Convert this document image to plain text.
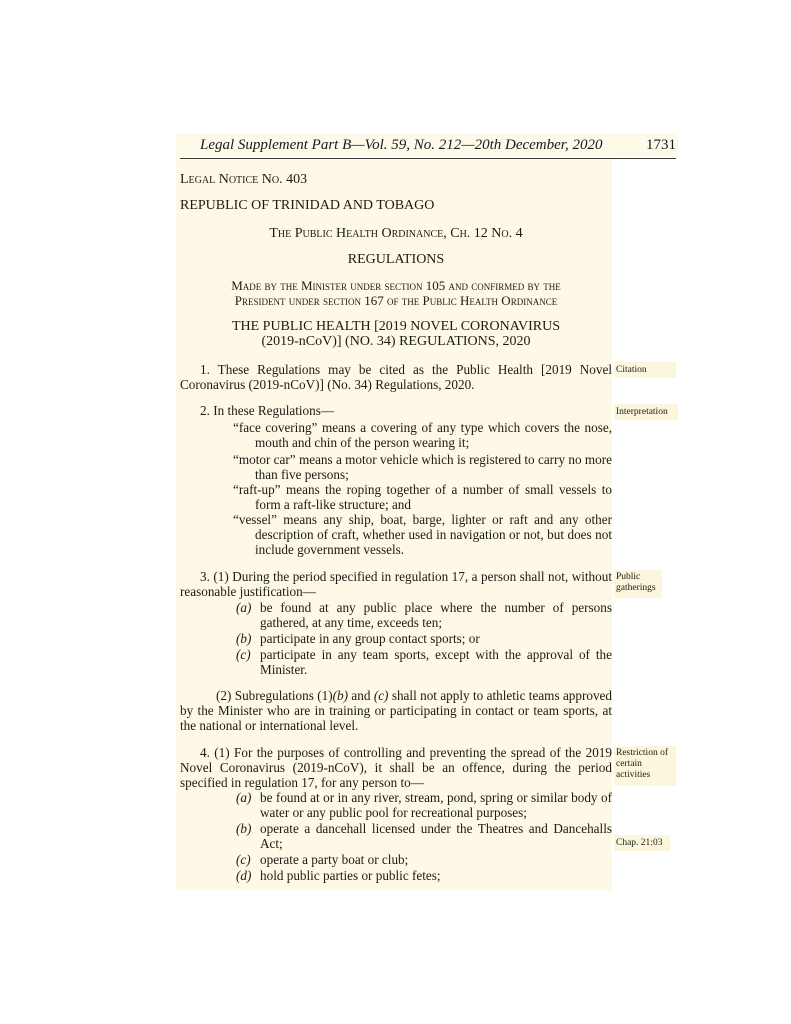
Legal Supplement Part B—Vol. 59, No. 212—20th December, 2020	1731
Legal Notice No. 403
REPUBLIC OF TRINIDAD AND TOBAGO
The Public Health Ordinance, Ch. 12 No. 4
REGULATIONS
Made by the Minister under section 105 and confirmed by the
President under section 167 of the Public Health Ordinance
THE PUBLIC HEALTH [2019 NOVEL CORONAVIRUS
(2019-nCoV)] (NO. 34) REGULATIONS, 2020
1. These Regulations may be cited as the Public Health [2019 Novel Coronavirus (2019-nCoV)] (No. 34) Regulations, 2020.
Citation
2. In these Regulations—	Interpretation
“face covering” means a covering of any type which covers the nose, mouth and chin of the person wearing it;
“motor car” means a motor vehicle which is registered to carry no more than five persons;
“raft-up” means the roping together of a number of small vessels to form a raft-like structure; and
“vessel” means any ship, boat, barge, lighter or raft and any other description of craft, whether used in navigation or not, but does not include government vessels.
3. (1) During the period specified in regulation 17, a person shall not, without reasonable justification—
Public
gatherings
(a) be found at any public place where the number of persons gathered, at any time, exceeds ten;
(b) participate in any group contact sports; or
(c) participate in any team sports, except with the approval of the Minister.
(2) Subregulations (1)(b) and (c) shall not apply to athletic teams approved by the Minister who are in training or participating in contact or team sports, at the national or international level.
4. (1) For the purposes of controlling and preventing the spread of the 2019 Novel Coronavirus (2019-nCoV), it shall be an offence, during the period specified in regulation 17, for any person to—
Restriction of
certain
activities
(a) be found at or in any river, stream, pond, spring or similar body of water or any public pool for recreational purposes;
(b) operate a dancehall licensed under the Theatres and Dancehalls Act;	Chap. 21:03
(c) operate a party boat or club;
(d) hold public parties or public fetes;
